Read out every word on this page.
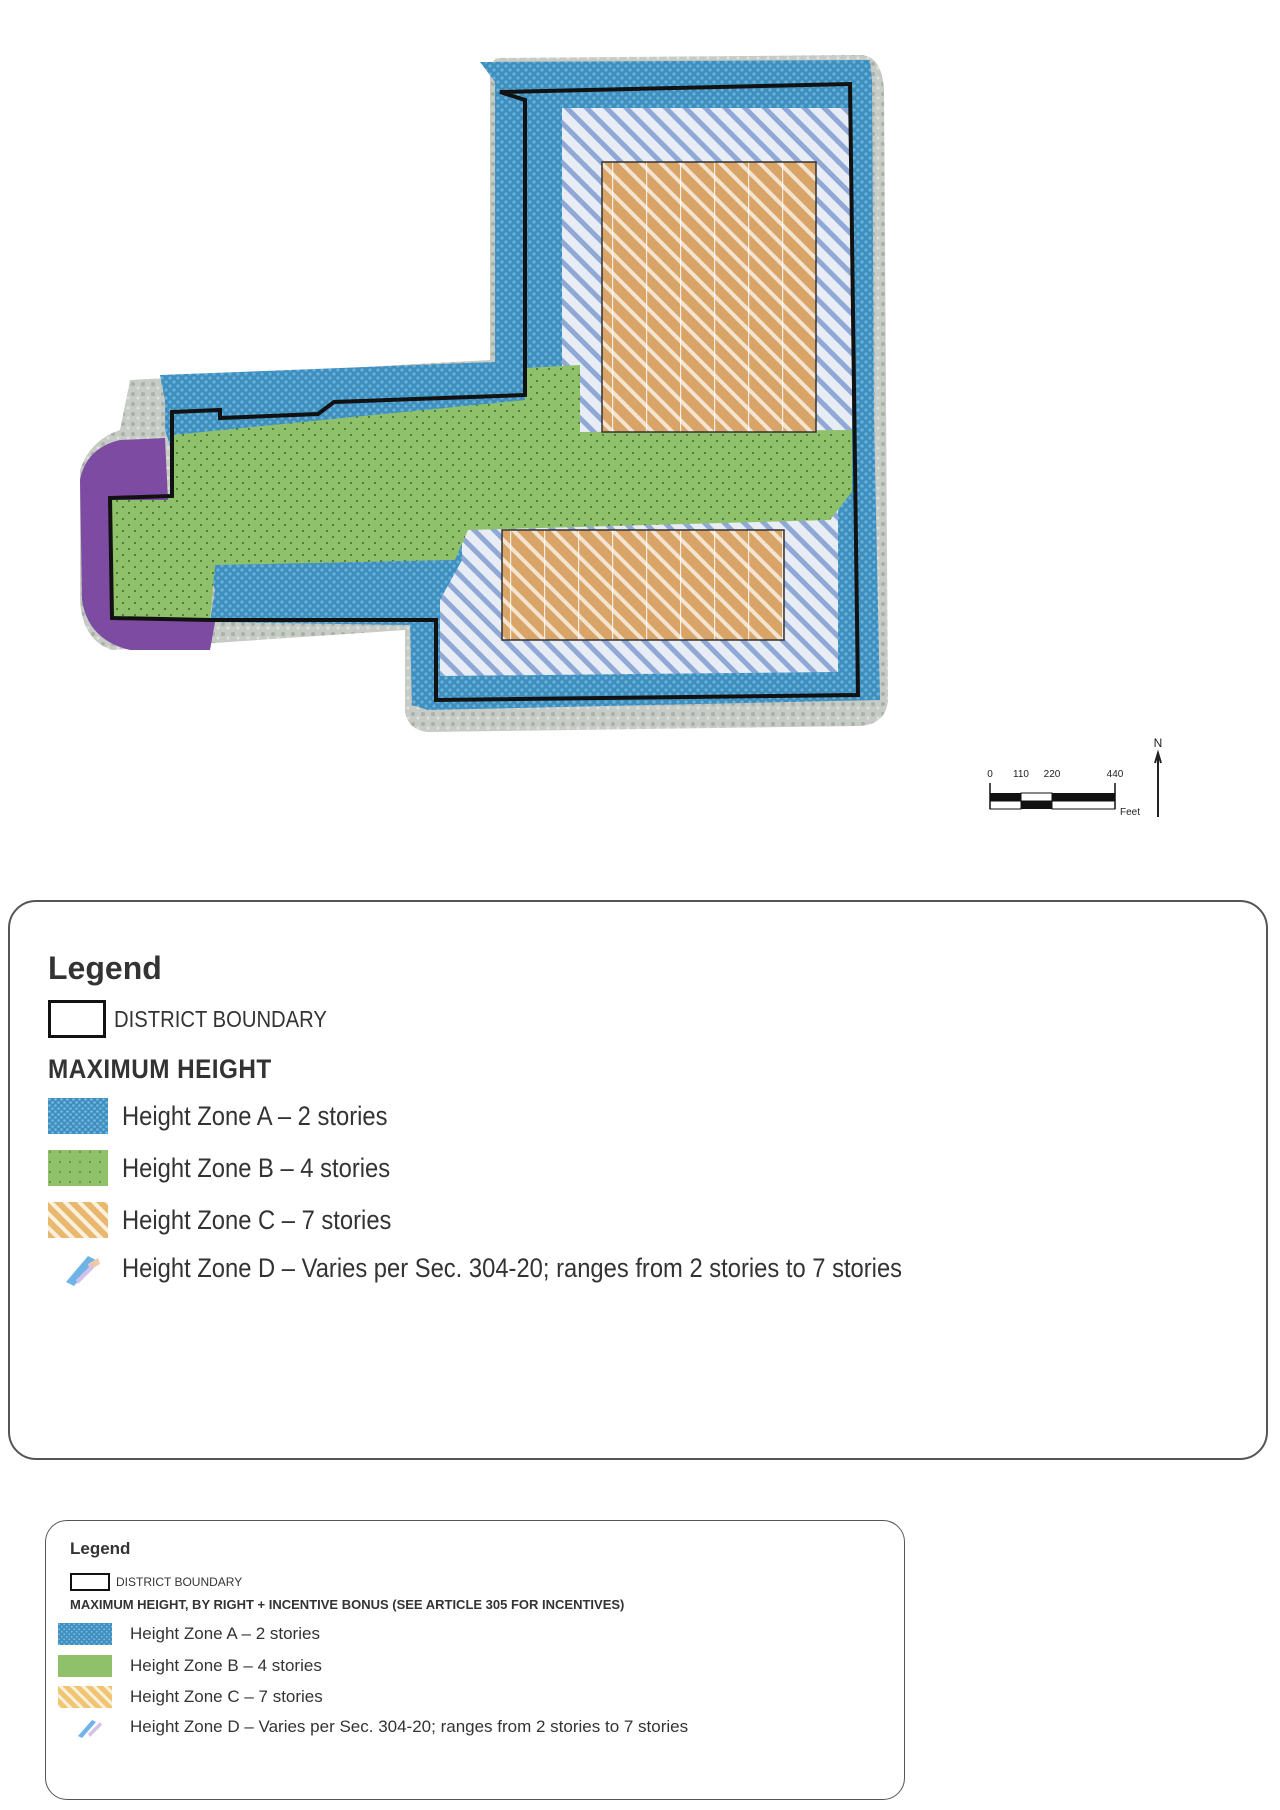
N
0 110 220	440
Feet
Legend
DISTRICT BOUNDARY
MAXIMUM HEIGHT
Height Zone A – 2 stories
Height Zone B – 4 stories
Height Zone C – 7 stories
Height Zone D – Varies per Sec. 304-20; ranges from 2 stories to 7 stories
Legend
DISTRICT BOUNDARY
MAXIMUM HEIGHT, BY RIGHT + INCENTIVE BONUS (SEE ARTICLE 305 FOR INCENTIVES)
Height Zone A – 2 stories
Height Zone B – 4 stories
Height Zone C – 7 stories
Height Zone D – Varies per Sec. 304-20; ranges from 2 stories to 7 stories
